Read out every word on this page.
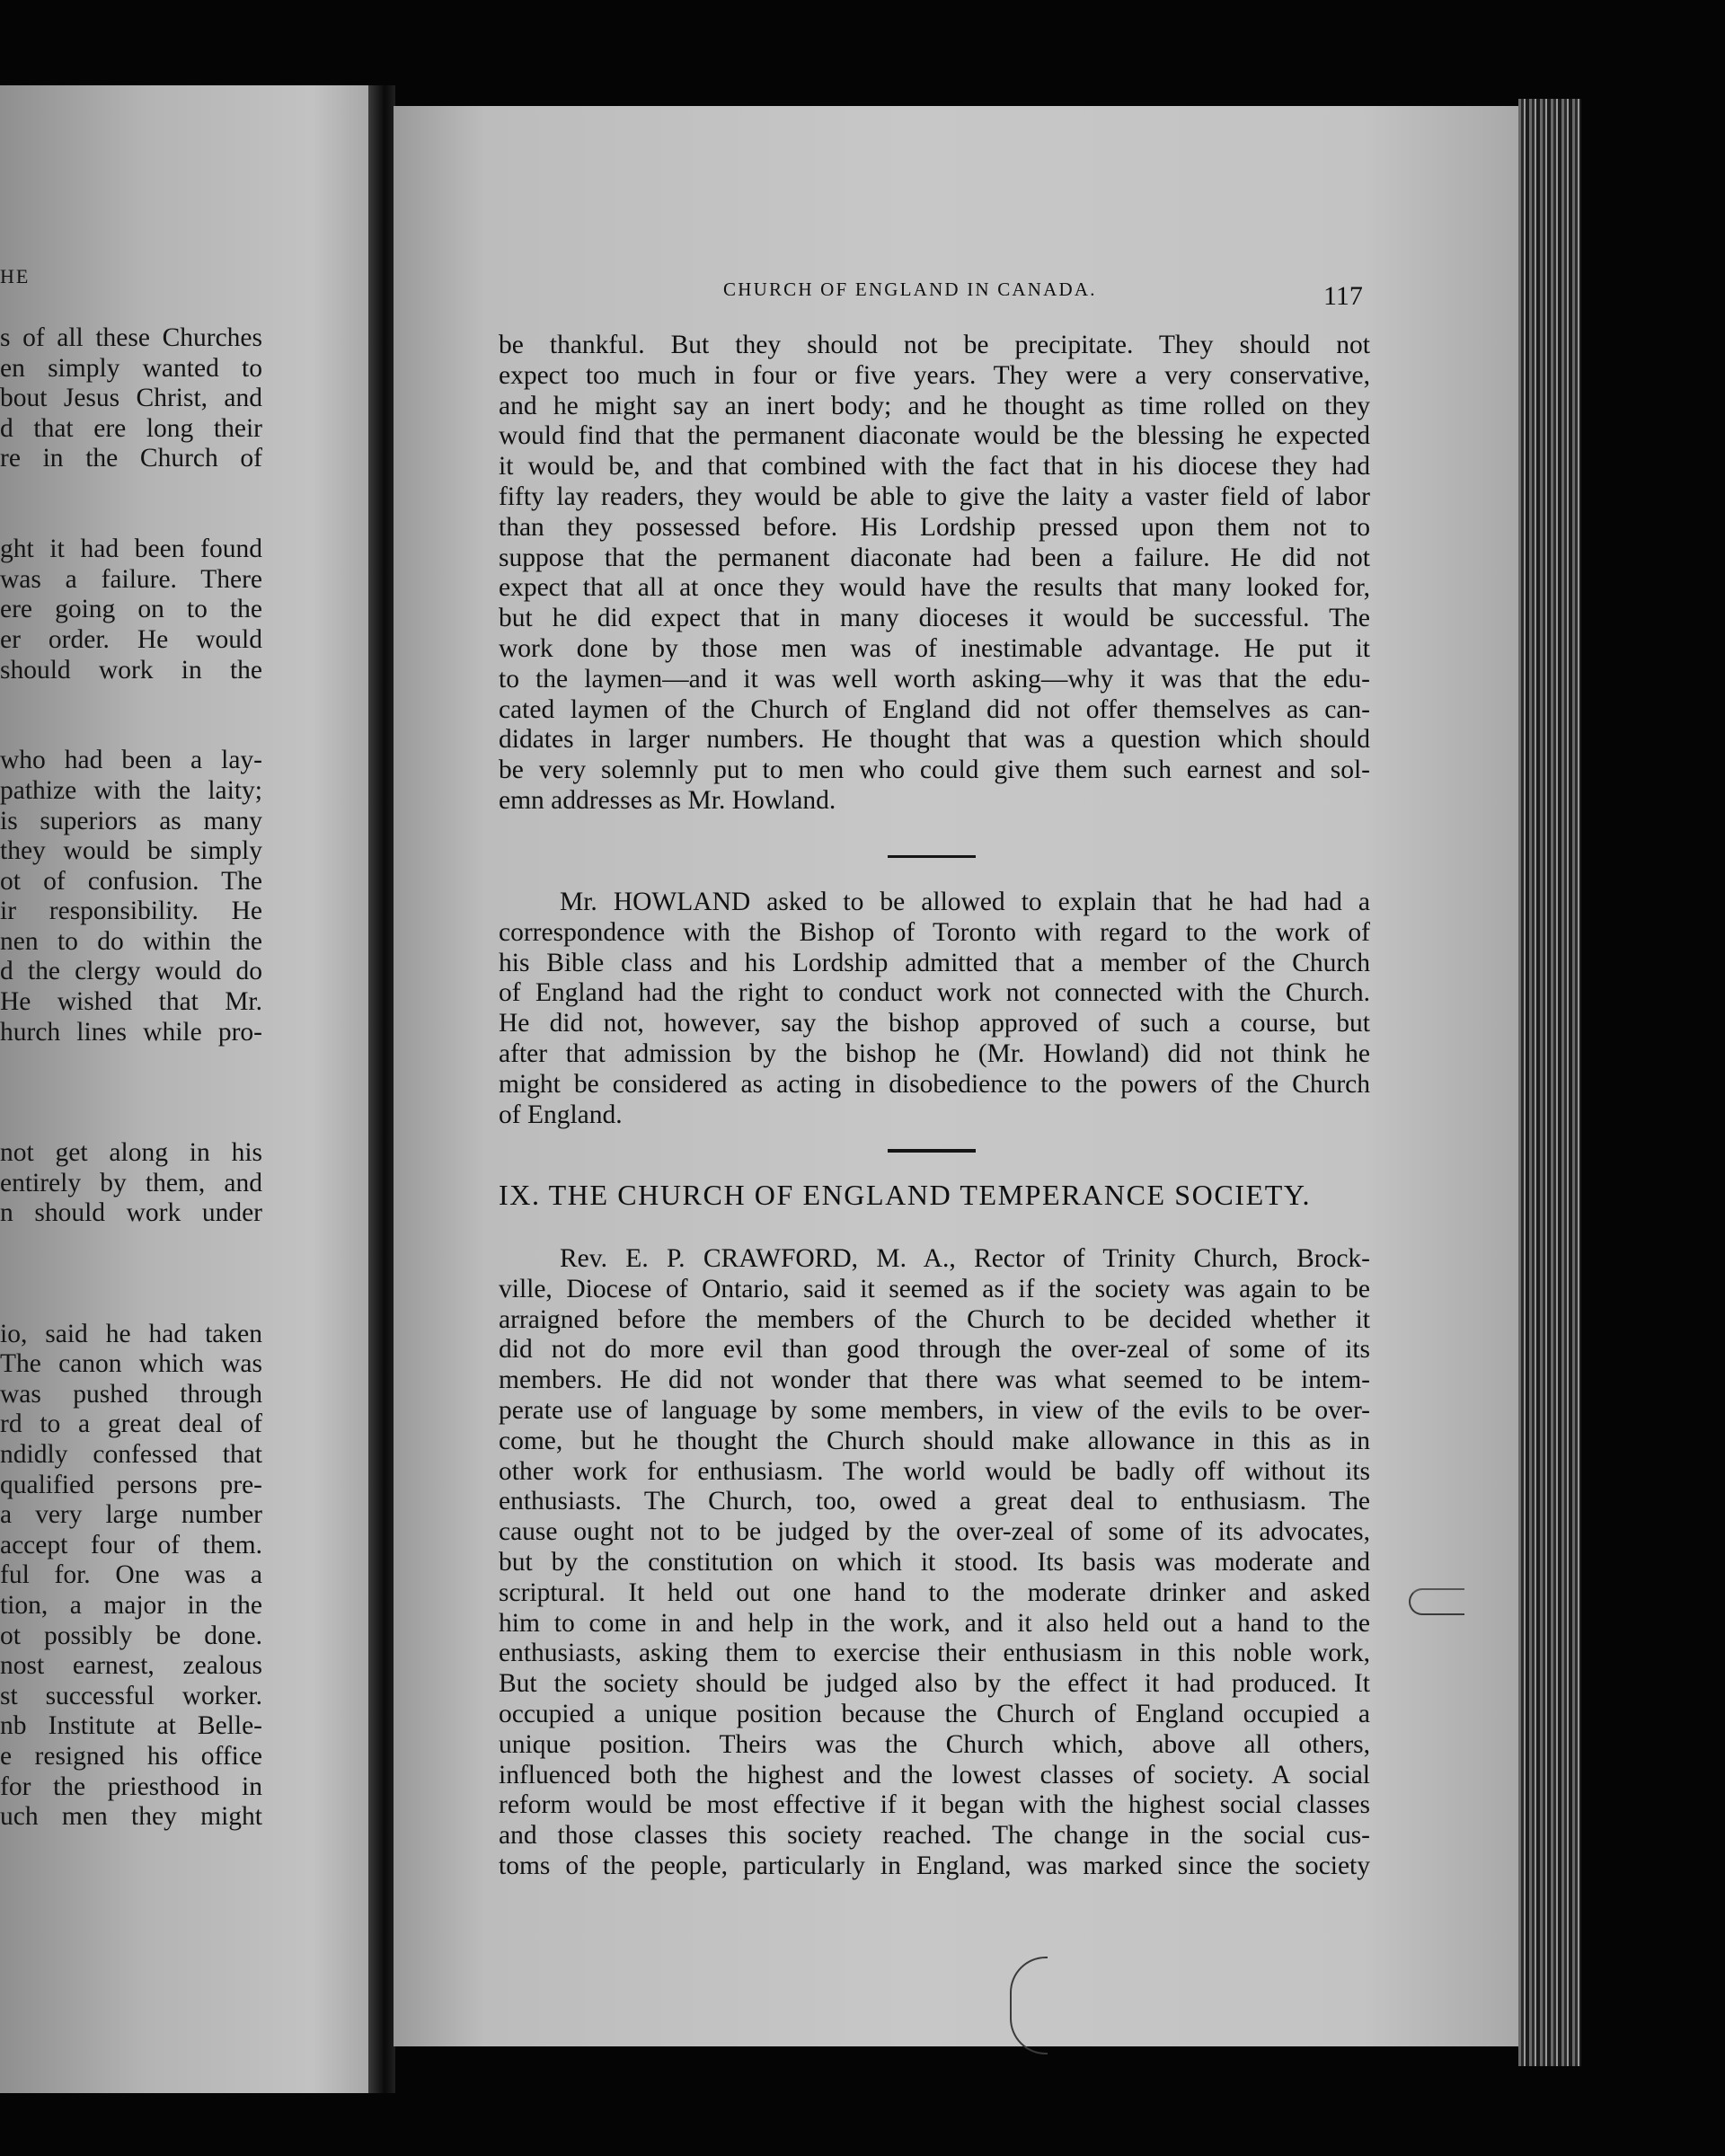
HE
s of all these Churches
en simply wanted to
bout Jesus Christ, and
d that ere long their
re in the Church of
ght it had been found
was a failure. There
ere going on to the
er order. He would
should work in the
who had been a lay-
pathize with the laity;
is superiors as many
they would be simply
ot of confusion. The
ir responsibility. He
nen to do within the
d the clergy would do
He wished that Mr.
hurch lines while pro-
not get along in his
entirely by them, and
n should work under
io, said he had taken
The canon which was
was pushed through
rd to a great deal of
ndidly confessed that
qualified persons pre-
a very large number
accept four of them.
ful for. One was a
tion, a major in the
ot possibly be done.
nost earnest, zealous
st successful worker.
nb Institute at Belle-
e resigned his office
for the priesthood in
uch men they might
CHURCH OF ENGLAND IN CANADA.	117
be thankful. But they should not be precipitate. They should not
expect too much in four or five years. They were a very conservative,
and he might say an inert body; and he thought as time rolled on they
would find that the permanent diaconate would be the blessing he expected
it would be, and that combined with the fact that in his diocese they had
fifty lay readers, they would be able to give the laity a vaster field of labor
than they possessed before. His Lordship pressed upon them not to
suppose that the permanent diaconate had been a failure. He did not
expect that all at once they would have the results that many looked for,
but he did expect that in many dioceses it would be successful. The
work done by those men was of inestimable advantage. He put it
to the laymen—and it was well worth asking—why it was that the edu-
cated laymen of the Church of England did not offer themselves as can-
didates in larger numbers. He thought that was a question which should
be very solemnly put to men who could give them such earnest and sol-
emn addresses as Mr. Howland.
Mr. HOWLAND asked to be allowed to explain that he had had a
correspondence with the Bishop of Toronto with regard to the work of
his Bible class and his Lordship admitted that a member of the Church
of England had the right to conduct work not connected with the Church.
He did not, however, say the bishop approved of such a course, but
after that admission by the bishop he (Mr. Howland) did not think he
might be considered as acting in disobedience to the powers of the Church
of England.
IX. THE CHURCH OF ENGLAND TEMPERANCE SOCIETY.
Rev. E. P. CRAWFORD, M. A., Rector of Trinity Church, Brock-
ville, Diocese of Ontario, said it seemed as if the society was again to be
arraigned before the members of the Church to be decided whether it
did not do more evil than good through the over-zeal of some of its
members. He did not wonder that there was what seemed to be intem-
perate use of language by some members, in view of the evils to be over-
come, but he thought the Church should make allowance in this as in
other work for enthusiasm. The world would be badly off without its
enthusiasts. The Church, too, owed a great deal to enthusiasm. The
cause ought not to be judged by the over-zeal of some of its advocates,
but by the constitution on which it stood. Its basis was moderate and
scriptural. It held out one hand to the moderate drinker and asked
him to come in and help in the work, and it also held out a hand to the
enthusiasts, asking them to exercise their enthusiasm in this noble work,
But the society should be judged also by the effect it had produced. It
occupied a unique position because the Church of England occupied a
unique position. Theirs was the Church which, above all others,
influenced both the highest and the lowest classes of society. A social
reform would be most effective if it began with the highest social classes
and those classes this society reached. The change in the social cus-
toms of the people, particularly in England, was marked since the society
